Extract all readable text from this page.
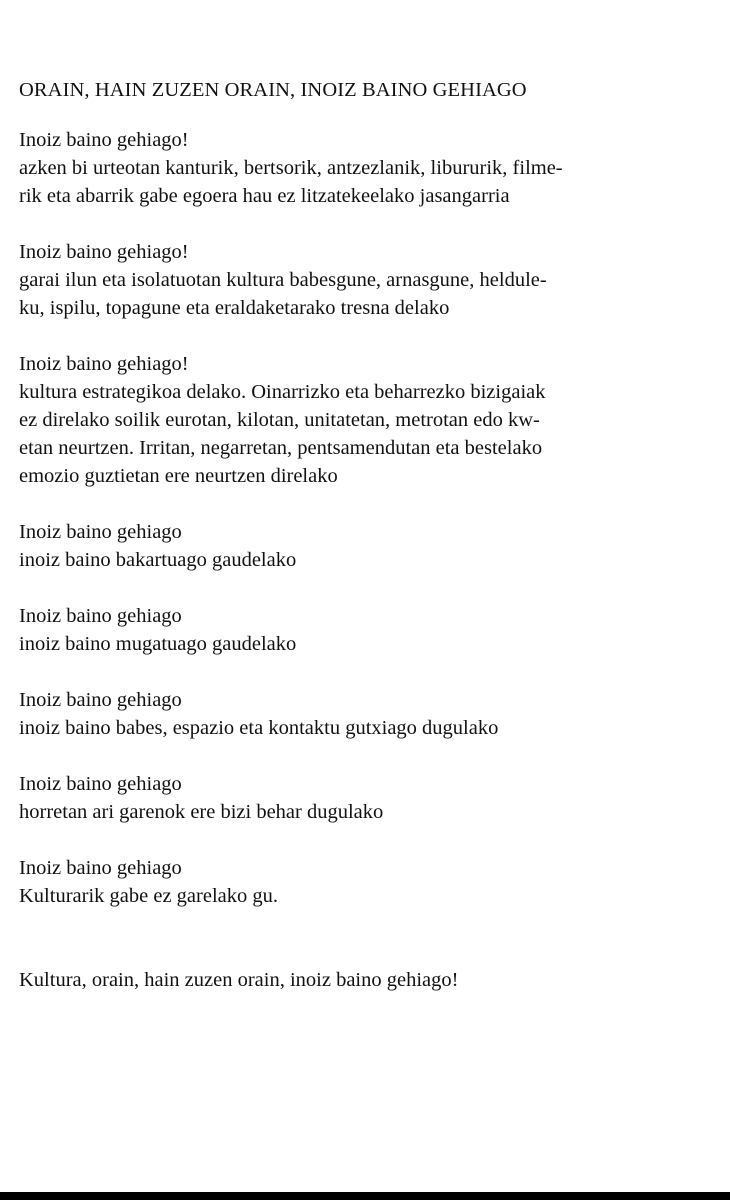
ORAIN, HAIN ZUZEN ORAIN, INOIZ BAINO GEHIAGO
Inoiz baino gehiago!
azken bi urteotan kanturik, bertsorik, antzezlanik, libururik, filme-
rik eta abarrik gabe egoera hau ez litzatekeelako jasangarria
Inoiz baino gehiago!
garai ilun eta isolatuotan kultura babesgune, arnasgune, heldule-
ku, ispilu, topagune eta eraldaketarako tresna delako
Inoiz baino gehiago!
kultura estrategikoa delako. Oinarrizko eta beharrezko bizigaiak
ez direlako soilik eurotan, kilotan, unitatetan, metrotan edo kw-
etan neurtzen. Irritan, negarretan, pentsamendutan eta bestelako
emozio guztietan ere neurtzen direlako
Inoiz baino gehiago
inoiz baino bakartuago gaudelako
Inoiz baino gehiago
inoiz baino mugatuago gaudelako
Inoiz baino gehiago
inoiz baino babes, espazio eta kontaktu gutxiago dugulako
Inoiz baino gehiago
horretan ari garenok ere bizi behar dugulako
Inoiz baino gehiago
Kulturarik gabe ez garelako gu.
Kultura, orain, hain zuzen orain, inoiz baino gehiago!
